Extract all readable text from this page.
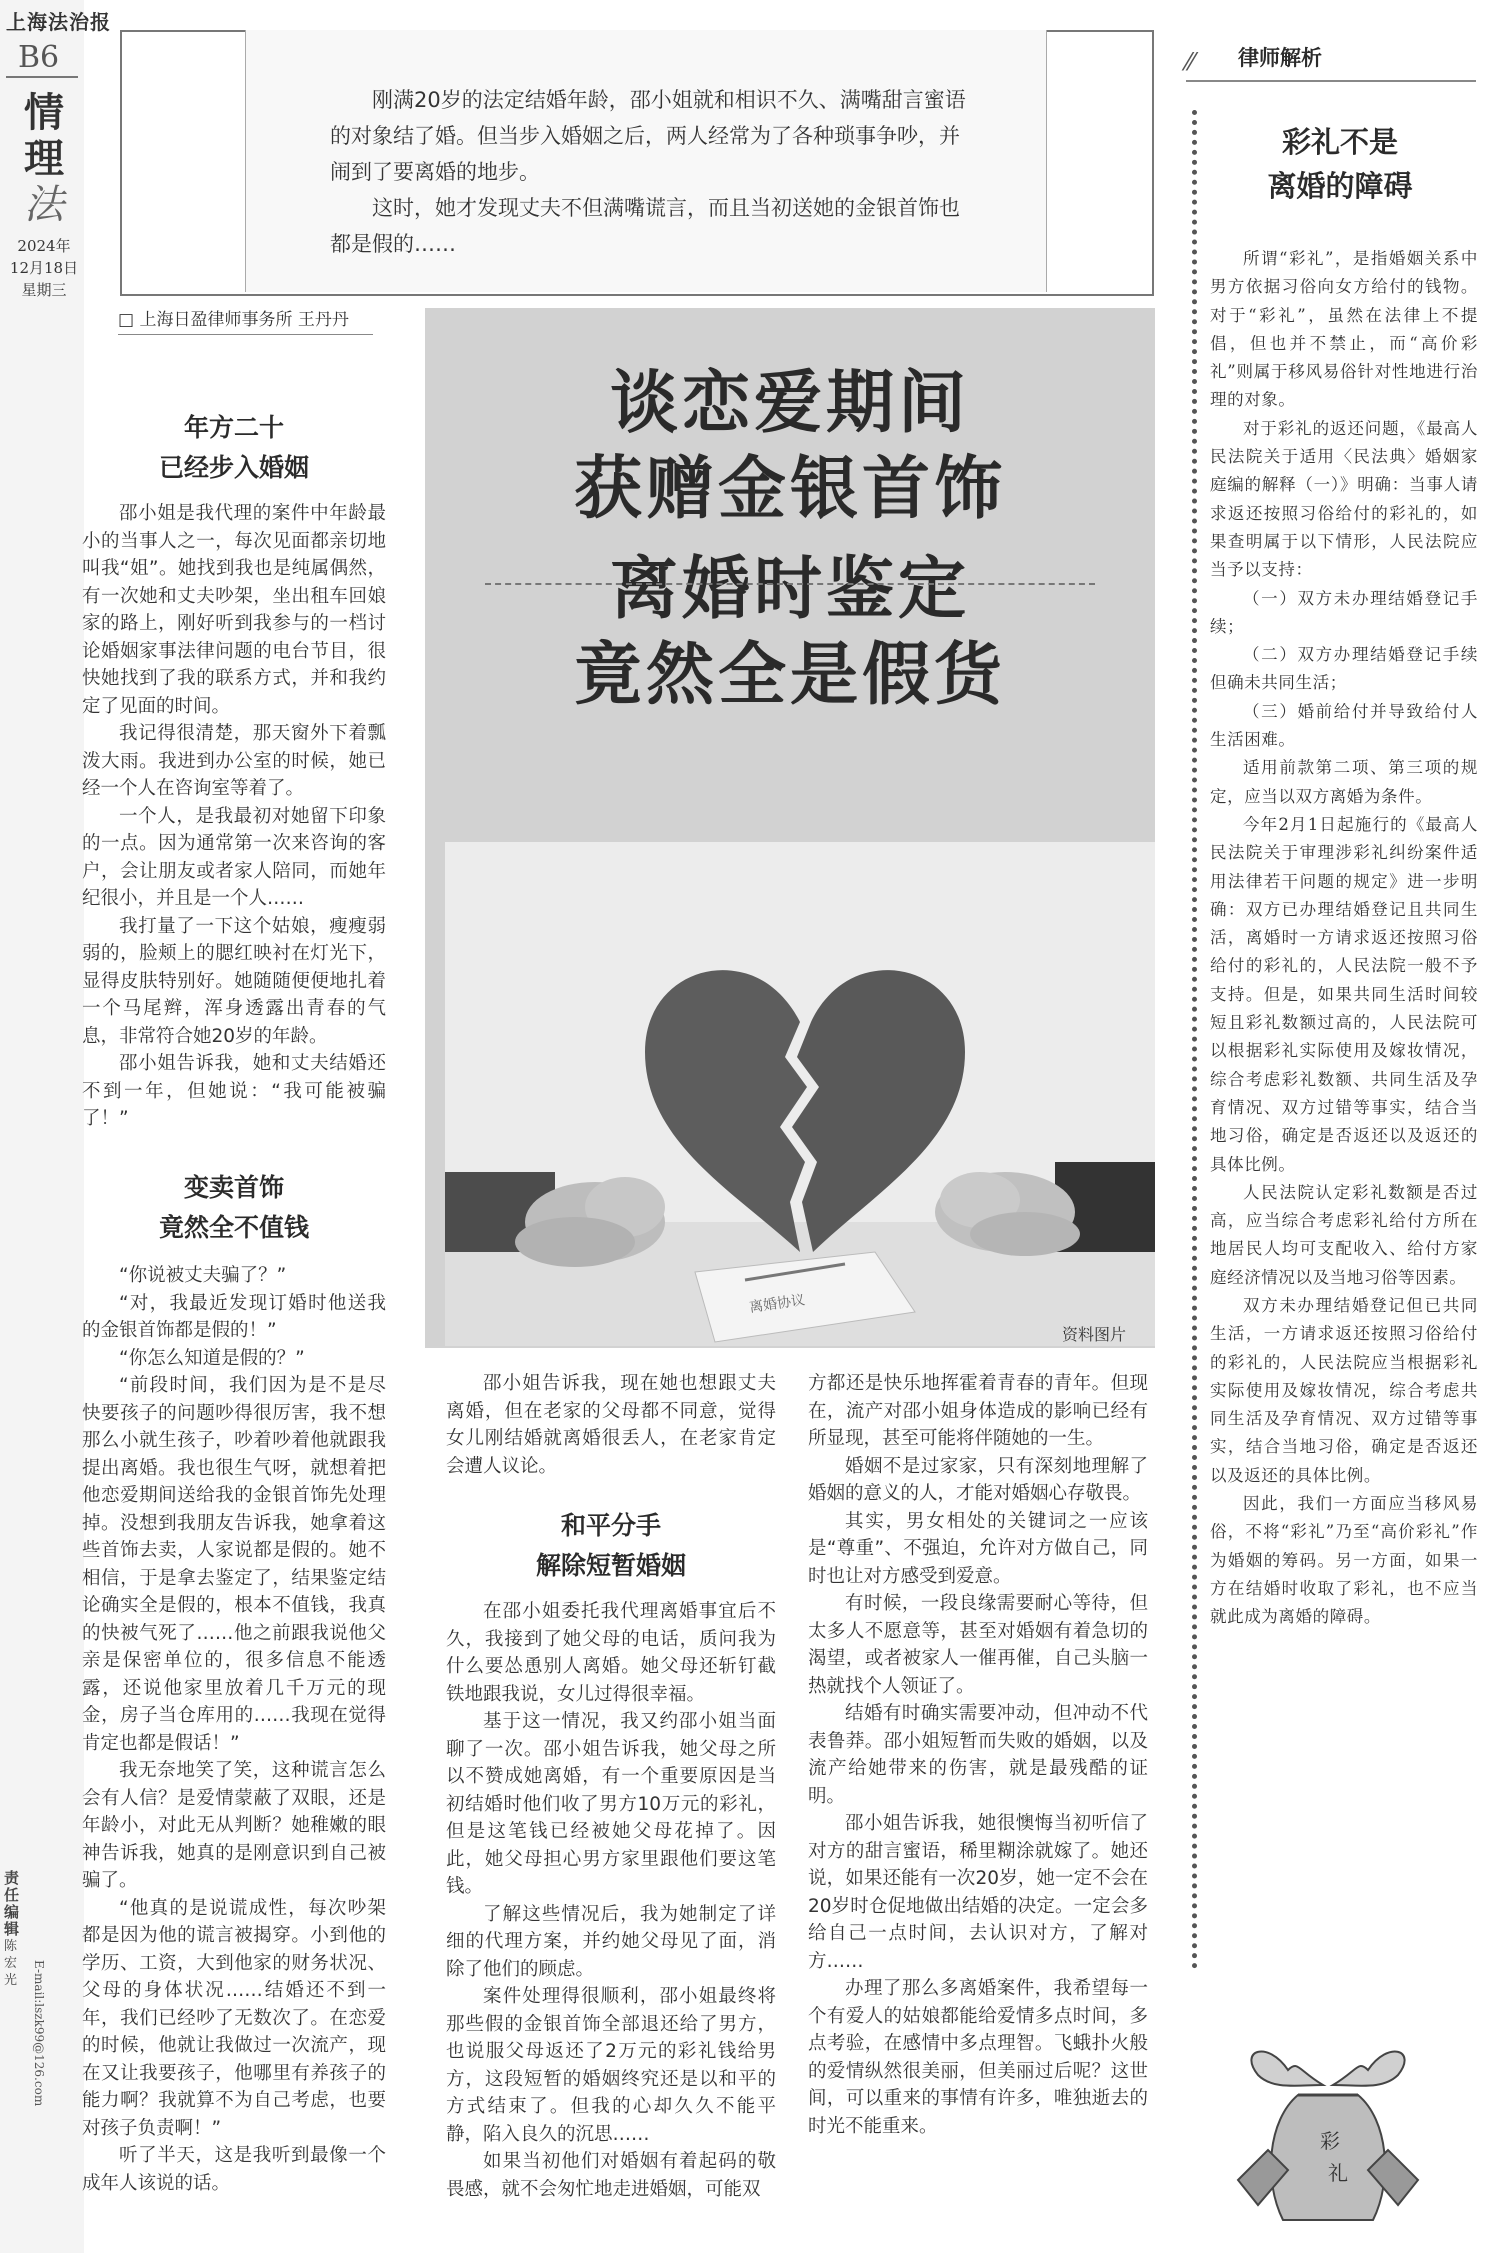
上海法治报
B6
情
理
法
2024年
12月18日
星期三
责任编辑
陈宏光	E-mail:lszk99@126.com

刚满20岁的法定结婚年龄，邵小姐就和相识不久、满嘴甜言蜜语的对象结了婚。但当步入婚姻之后，两人经常为了各种琐事争吵，并闹到了要离婚的地步。

这时，她才发现丈夫不但满嘴谎言，而且当初送她的金银首饰也都是假的……

□ 上海日盈律师事务所 王丹丹
谈恋爱期间
获赠金银首饰
离婚时鉴定
竟然全是假货
离婚协议
资料图片
年方二十
已经步入婚姻

邵小姐是我代理的案件中年龄最小的当事人之一，每次见面都亲切地叫我“姐”。她找到我也是纯属偶然，有一次她和丈夫吵架，坐出租车回娘家的路上，刚好听到我参与的一档讨论婚姻家事法律问题的电台节目，很快她找到了我的联系方式，并和我约定了见面的时间。

我记得很清楚，那天窗外下着瓢泼大雨。我进到办公室的时候，她已经一个人在咨询室等着了。

一个人，是我最初对她留下印象的一点。因为通常第一次来咨询的客户，会让朋友或者家人陪同，而她年纪很小，并且是一个人……

我打量了一下这个姑娘，瘦瘦弱弱的，脸颊上的腮红映衬在灯光下，显得皮肤特别好。她随随便便地扎着一个马尾辫，浑身透露出青春的气息，非常符合她20岁的年龄。

邵小姐告诉我，她和丈夫结婚还不到一年，但她说：“我可能被骗了！”

变卖首饰
竟然全不值钱

“你说被丈夫骗了？”

“对，我最近发现订婚时他送我的金银首饰都是假的！”

“你怎么知道是假的？”

“前段时间，我们因为是不是尽快要孩子的问题吵得很厉害，我不想那么小就生孩子，吵着吵着他就跟我提出离婚。我也很生气呀，就想着把他恋爱期间送给我的金银首饰先处理掉。没想到我朋友告诉我，她拿着这些首饰去卖，人家说都是假的。她不相信，于是拿去鉴定了，结果鉴定结论确实全是假的，根本不值钱，我真的快被气死了……他之前跟我说他父亲是保密单位的，很多信息不能透露，还说他家里放着几千万元的现金，房子当仓库用的……我现在觉得肯定也都是假话！”

我无奈地笑了笑，这种谎言怎么会有人信？是爱情蒙蔽了双眼，还是年龄小，对此无从判断？她稚嫩的眼神告诉我，她真的是刚意识到自己被骗了。

“他真的是说谎成性，每次吵架都是因为他的谎言被揭穿。小到他的学历、工资，大到他家的财务状况、父母的身体状况……结婚还不到一年，我们已经吵了无数次了。在恋爱的时候，他就让我做过一次流产，现在又让我要孩子，他哪里有养孩子的能力啊？我就算不为自己考虑，也要对孩子负责啊！”

听了半天，这是我听到最像一个成年人该说的话。

邵小姐告诉我，现在她也想跟丈夫离婚，但在老家的父母都不同意，觉得女儿刚结婚就离婚很丢人，在老家肯定会遭人议论。

和平分手
解除短暂婚姻

在邵小姐委托我代理离婚事宜后不久，我接到了她父母的电话，质问我为什么要怂恿别人离婚。她父母还斩钉截铁地跟我说，女儿过得很幸福。

基于这一情况，我又约邵小姐当面聊了一次。邵小姐告诉我，她父母之所以不赞成她离婚，有一个重要原因是当初结婚时他们收了男方10万元的彩礼，但是这笔钱已经被她父母花掉了。因此，她父母担心男方家里跟他们要这笔钱。

了解这些情况后，我为她制定了详细的代理方案，并约她父母见了面，消除了他们的顾虑。

案件处理得很顺利，邵小姐最终将那些假的金银首饰全部退还给了男方，也说服父母返还了2万元的彩礼钱给男方，这段短暂的婚姻终究还是以和平的方式结束了。但我的心却久久不能平静，陷入良久的沉思……

如果当初他们对婚姻有着起码的敬畏感，就不会匆忙地走进婚姻，可能双

方都还是快乐地挥霍着青春的青年。但现在，流产对邵小姐身体造成的影响已经有所显现，甚至可能将伴随她的一生。

婚姻不是过家家，只有深刻地理解了婚姻的意义的人，才能对婚姻心存敬畏。

其实，男女相处的关键词之一应该是“尊重”、不强迫，允许对方做自己，同时也让对方感受到爱意。

有时候，一段良缘需要耐心等待，但太多人不愿意等，甚至对婚姻有着急切的渴望，或者被家人一催再催，自己头脑一热就找个人领证了。

结婚有时确实需要冲动，但冲动不代表鲁莽。邵小姐短暂而失败的婚姻，以及流产给她带来的伤害，就是最残酷的证明。

邵小姐告诉我，她很懊悔当初听信了对方的甜言蜜语，稀里糊涂就嫁了。她还说，如果还能有一次20岁，她一定不会在20岁时仓促地做出结婚的决定。一定会多给自己一点时间，去认识对方，了解对方……

办理了那么多离婚案件，我希望每一个有爱人的姑娘都能给爱情多点时间，多点考验，在感情中多点理智。飞蛾扑火般的爱情纵然很美丽，但美丽过后呢？这世间，可以重来的事情有许多，唯独逝去的时光不能重来。

⁄⁄ 律师解析
彩礼不是
离婚的障碍

所谓“彩礼”，是指婚姻关系中男方依据习俗向女方给付的钱物。对于“彩礼”，虽然在法律上不提倡，但也并不禁止，而“高价彩礼”则属于移风易俗针对性地进行治理的对象。

对于彩礼的返还问题，《最高人民法院关于适用〈民法典〉婚姻家庭编的解释（一）》明确：当事人请求返还按照习俗给付的彩礼的，如果查明属于以下情形，人民法院应当予以支持：

（一）双方未办理结婚登记手续；

（二）双方办理结婚登记手续但确未共同生活；

（三）婚前给付并导致给付人生活困难。

适用前款第二项、第三项的规定，应当以双方离婚为条件。

今年2月1日起施行的《最高人民法院关于审理涉彩礼纠纷案件适用法律若干问题的规定》进一步明确：双方已办理结婚登记且共同生活，离婚时一方请求返还按照习俗给付的彩礼的，人民法院一般不予支持。但是，如果共同生活时间较短且彩礼数额过高的，人民法院可以根据彩礼实际使用及嫁妆情况，综合考虑彩礼数额、共同生活及孕育情况、双方过错等事实，结合当地习俗，确定是否返还以及返还的具体比例。

人民法院认定彩礼数额是否过高，应当综合考虑彩礼给付方所在地居民人均可支配收入、给付方家庭经济情况以及当地习俗等因素。

双方未办理结婚登记但已共同生活，一方请求返还按照习俗给付的彩礼的，人民法院应当根据彩礼实际使用及嫁妆情况，综合考虑共同生活及孕育情况、双方过错等事实，结合当地习俗，确定是否返还以及返还的具体比例。

因此，我们一方面应当移风易俗，不将“彩礼”乃至“高价彩礼”作为婚姻的筹码。另一方面，如果一方在结婚时收取了彩礼，也不应当就此成为离婚的障碍。

彩
礼
